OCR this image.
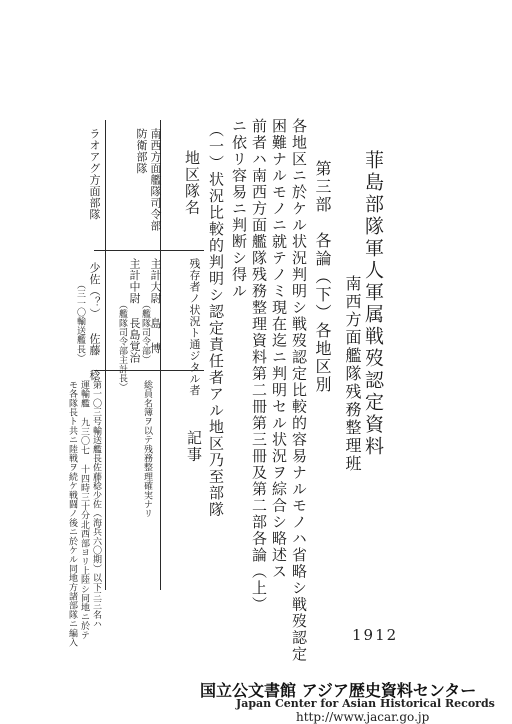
菲島部隊軍人軍属戦歿認定資料
南西方面艦隊残務整理班
第三部　各論（下）各地区別
各地区ニ於ケル状況判明シ戦歿認定比較的容易ナルモノハ省略シ戦歿認定
困難ナルモノニ就テノミ現在迄ニ判明セル状況ヲ綜合シ略述ス
前者ハ南西方面艦隊残務整理資料第二冊第三冊及第二部各論（上）
ニ依リ容易ニ判断シ得ル
（一）状況比較的判明シ認定責任者アル地区乃至部隊
地区隊名
残存者ノ状況ト通ジタル者
記事
南西方面艦隊司令部
防衛部隊
主計大尉 島 博
（艦隊司令部）
主計中尉 長島覚治
（艦隊司令部主計長）
総員名簿ヲ以テ残務整理確実ナリ
ラオアグ方面部隊
少佐（？） 佐藤 稔
（三一〇輸送艦長）
第一〇三号輸送艦長佐藤稔少佐（海兵六〇期）以下三三名ハ
運輸艦 九三〇七 十四時三十分北西部ヨリ上陸シ同地ニ於テ
モ各隊長ト共ニ陸戦ヲ続ケ戦闘ノ後ニ於ケル同地方諸部隊ニ編入	1912
国立公文書館 アジア歴史資料センター
Japan Center for Asian Historical Records
http://www.jacar.go.jp
